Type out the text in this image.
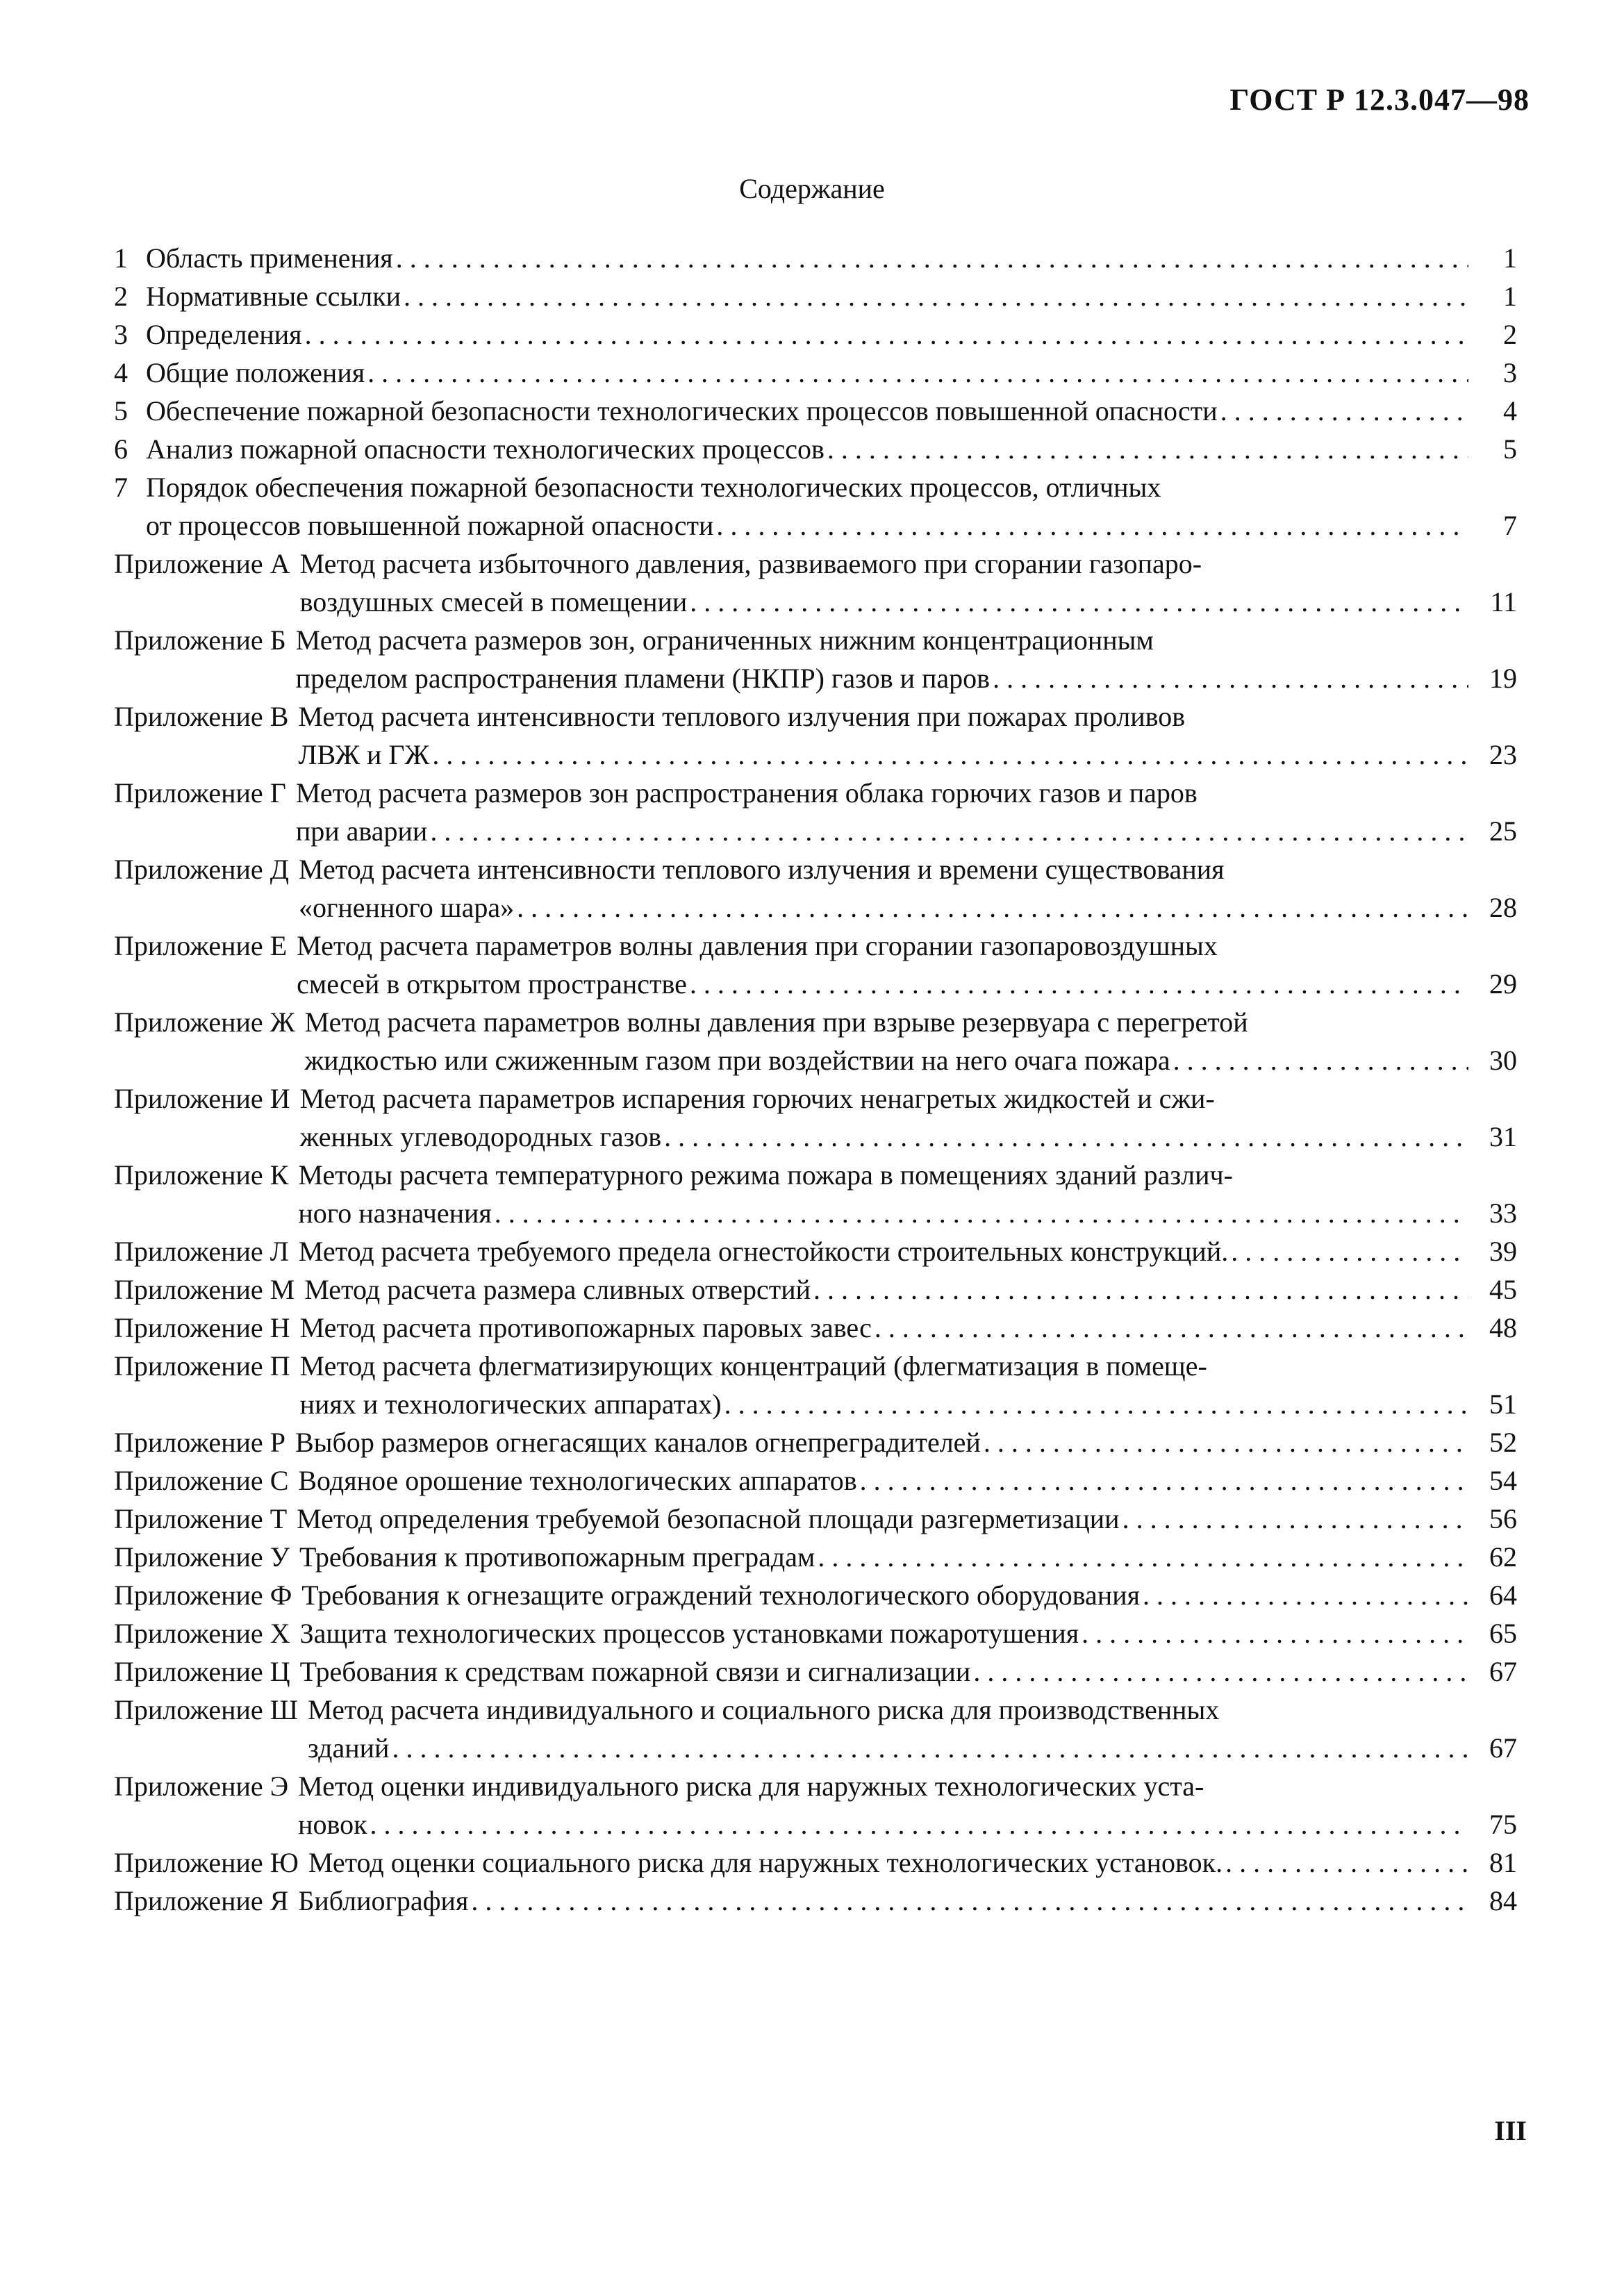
ГОСТ Р 12.3.047—98
Содержание
1 Область применения . . .	1
2 Нормативные ссылки . . .	1
3 Определения . . .	2
4 Общие положения . . .	3
5 Обеспечение пожарной безопасности технологических процессов повышенной опасности . . .	4
6 Анализ пожарной опасности технологических процессов . . .	5
7 Порядок обеспечения пожарной безопасности технологических процессов, отличных
от процессов повышенной пожарной опасности . . .	7
Приложение А Метод расчета избыточного давления, развиваемого при сгорании газопаро-
воздушных смесей в помещении . . .	11
Приложение Б Метод расчета размеров зон, ограниченных нижним концентрационным
пределом распространения пламени (НКПР) газов и паров . . .	19
Приложение В Метод расчета интенсивности теплового излучения при пожарах проливов
ЛВЖ и ГЖ . . .	23
Приложение Г Метод расчета размеров зон распространения облака горючих газов и паров
при аварии . . .	25
Приложение Д Метод расчета интенсивности теплового излучения и времени существования
«огненного шара» . . .	28
Приложение Е Метод расчета параметров волны давления при сгорании газопаровоздушных
смесей в открытом пространстве . . .	29
Приложение Ж Метод расчета параметров волны давления при взрыве резервуара с перегретой
жидкостью или сжиженным газом при воздействии на него очага пожара . . .	30
Приложение И Метод расчета параметров испарения горючих ненагретых жидкостей и сжи-
женных углеводородных газов . . .	31
Приложение К Методы расчета температурного режима пожара в помещениях зданий различ-
ного назначения . . .	33
Приложение Л Метод расчета требуемого предела огнестойкости строительных конструкций. . . .	39
Приложение М Метод расчета размера сливных отверстий . . .	45
Приложение Н Метод расчета противопожарных паровых завес . . .	48
Приложение П Метод расчета флегматизирующих концентраций (флегматизация в помеще-
ниях и технологических аппаратах) . . .	51
Приложение Р Выбор размеров огнегасящих каналов огнепреградителей . . .	52
Приложение С Водяное орошение технологических аппаратов . . .	54
Приложение Т Метод определения требуемой безопасной площади разгерметизации . . .	56
Приложение У Требования к противопожарным преградам . . .	62
Приложение Ф Требования к огнезащите ограждений технологического оборудования . . .	64
Приложение Х Защита технологических процессов установками пожаротушения . . .	65
Приложение Ц Требования к средствам пожарной связи и сигнализации . . .	67
Приложение Ш Метод расчета индивидуального и социального риска для производственных
зданий . . .	67
Приложение Э Метод оценки индивидуального риска для наружных технологических уста-
новок . . .	75
Приложение Ю Метод оценки социального риска для наружных технологических установок. . . .	81
Приложение Я Библиография . . .	84
III
